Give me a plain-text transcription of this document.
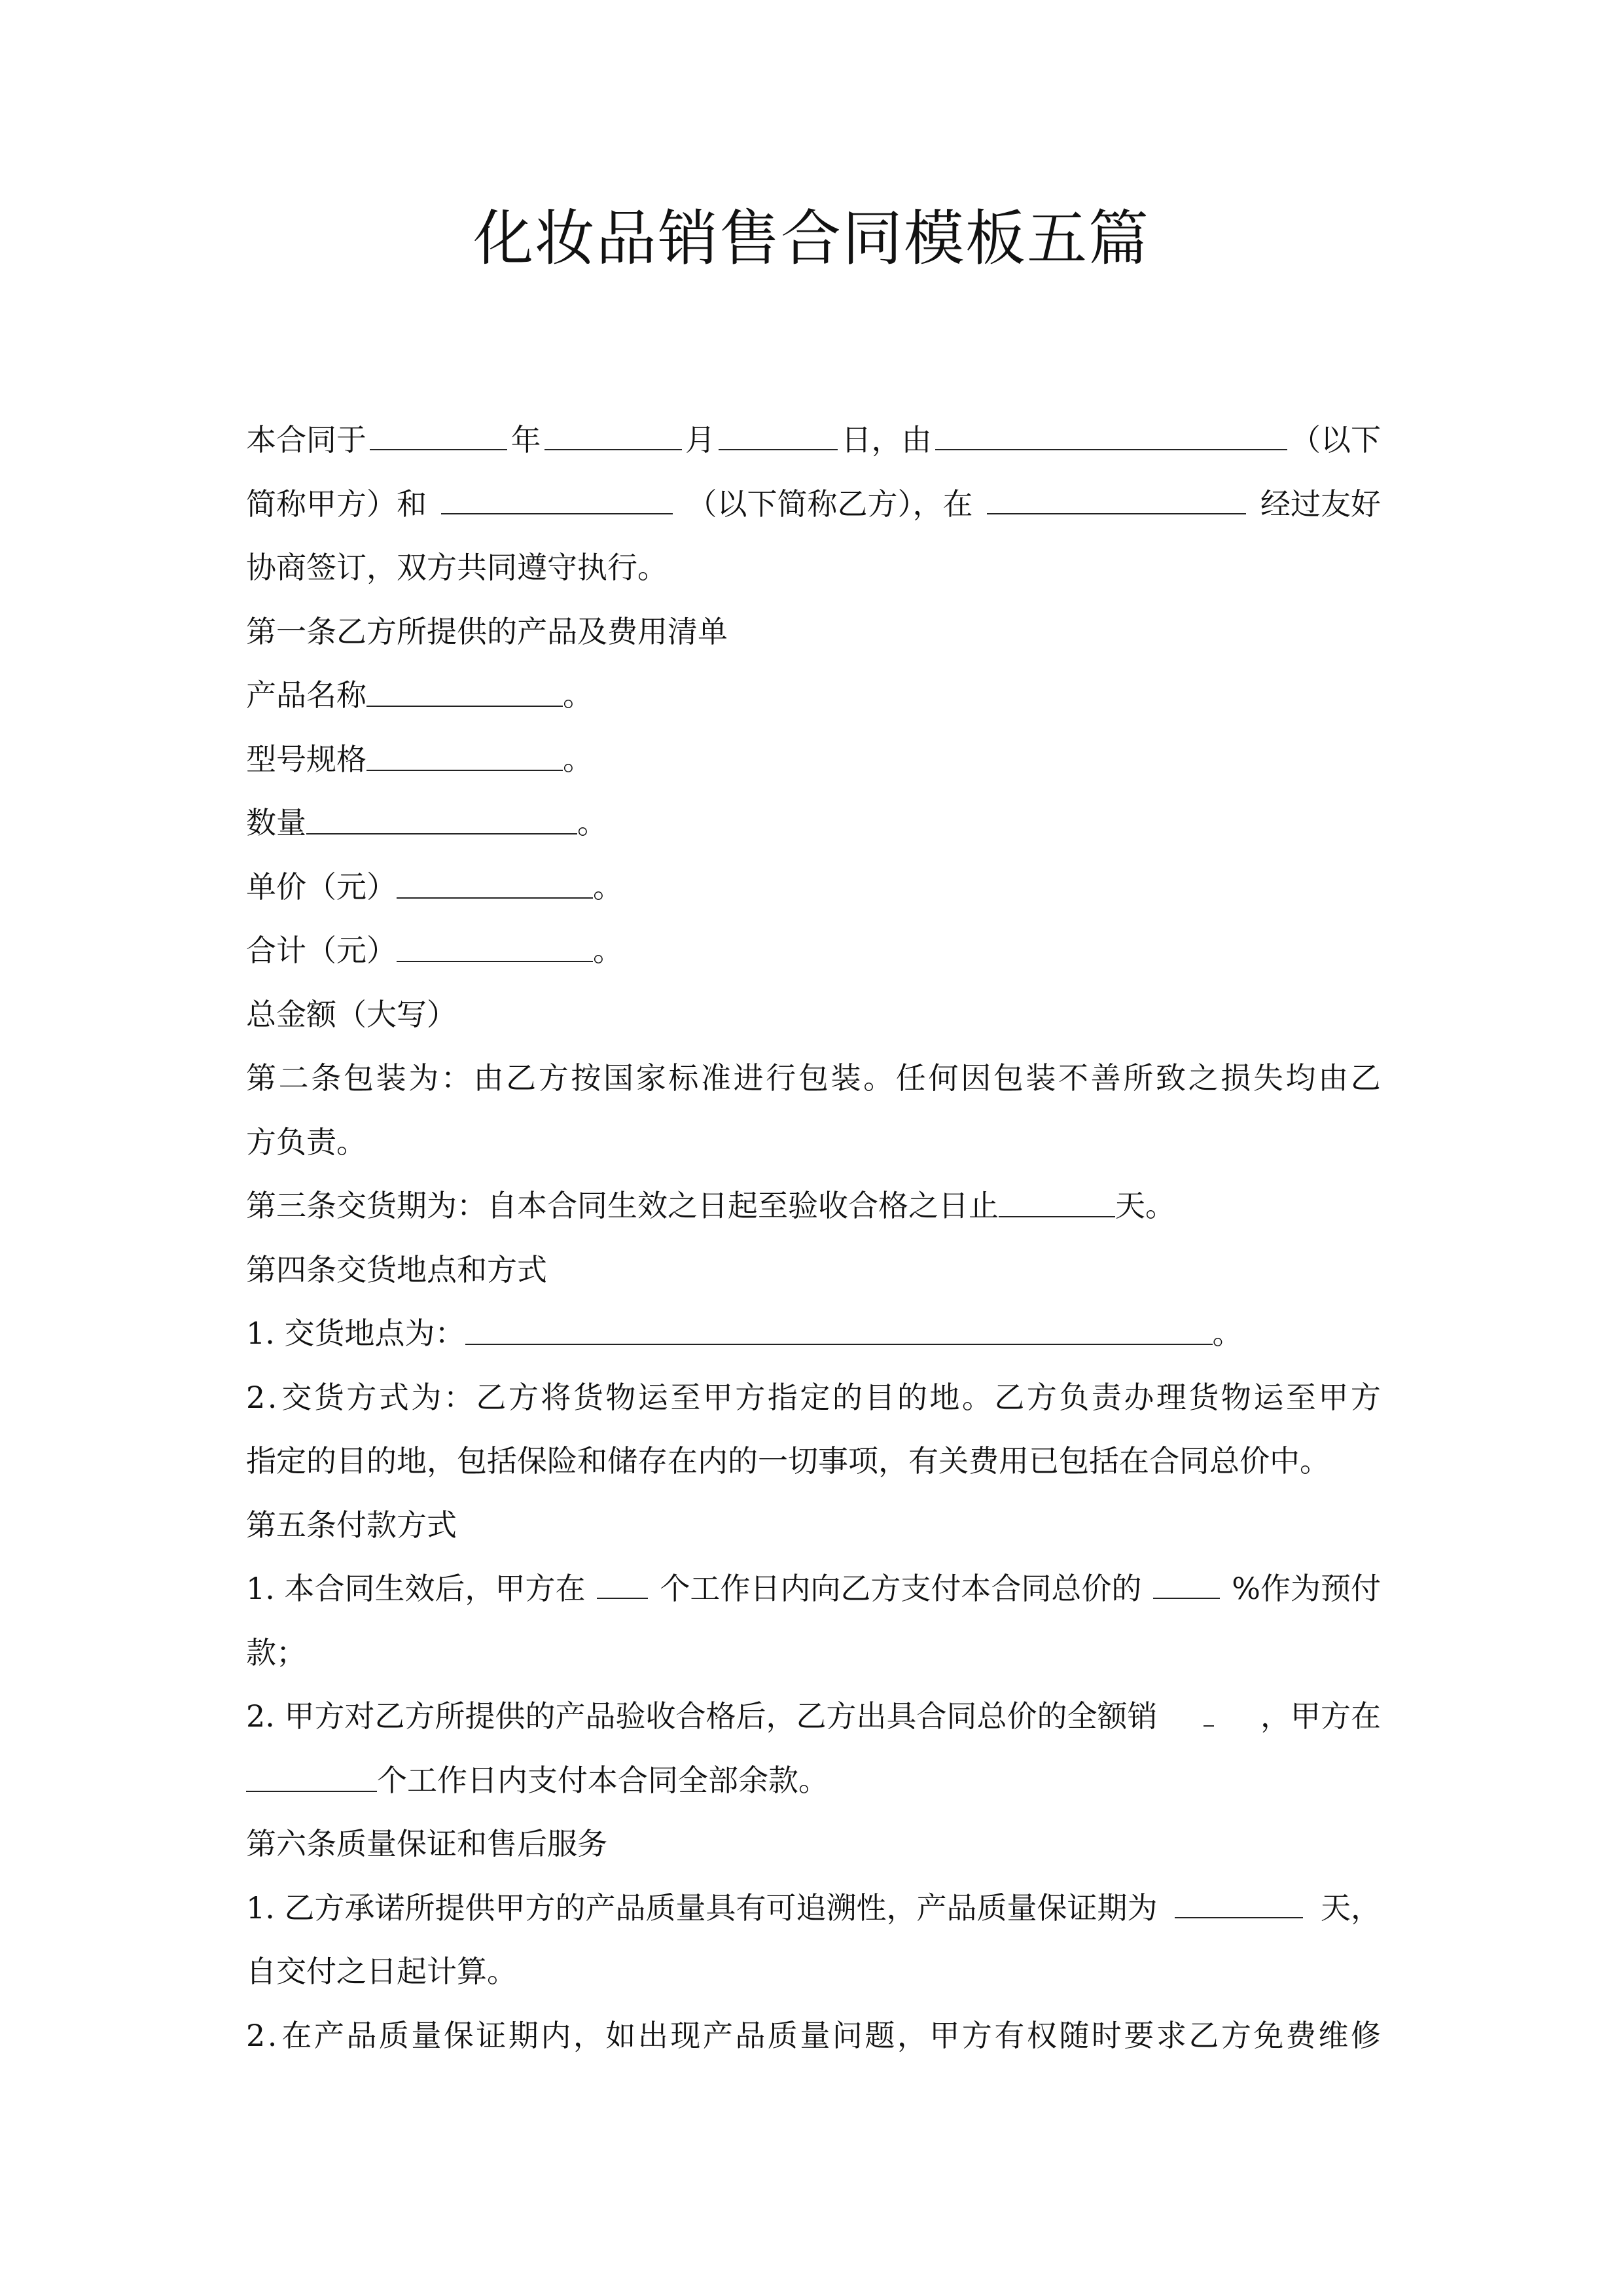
化妆品销售合同模板五篇
本合同于	年	月	日，由	（以下
简称甲方）和	（以下简称乙方），在	经过友好
协商签订，双方共同遵守执行。
第一条乙方所提供的产品及费用清单
产品名称	。
型号规格	。
数量	。
单价（元）	。
合计（元）	。
总金额（大写）
第 二 条 包 装 为 ： 由 乙 方 按 国 家 标 准 进 行 包 装 。 任 何 因 包 装 不 善 所 致 之 损 失 均 由 乙
方负责。
第三条交货期为：自本合同生效之日起至验收合格之日止	天。
第四条交货地点和方式
1. 交货地点为：	。
2 . 交 货 方 式 为 ： 乙 方 将 货 物 运 至 甲 方 指 定 的 目 的 地 。 乙 方 负 责 办 理 货 物 运 至 甲 方
指定的目的地，包括保险和储存在内的一切事项，有关费用已包括在合同总价中。
第五条付款方式
1. 本合同生效后，甲方在 个工作日内向乙方支付本合同总价的	%作为预付
款；
2. 甲方对乙方所提供的产品验收合格后，乙方出具合同总价的全额销	，甲方在
个工作日内支付本合同全部余款。
第六条质量保证和售后服务
1. 乙方承诺所提供甲方的产品质量具有可追溯性，产品质量保证期为	天，
自交付之日起计算。
2 . 在 产 品 质 量 保 证 期 内 ， 如 出 现 产 品 质 量 问 题 ， 甲 方 有 权 随 时 要 求 乙 方 免 费 维 修
